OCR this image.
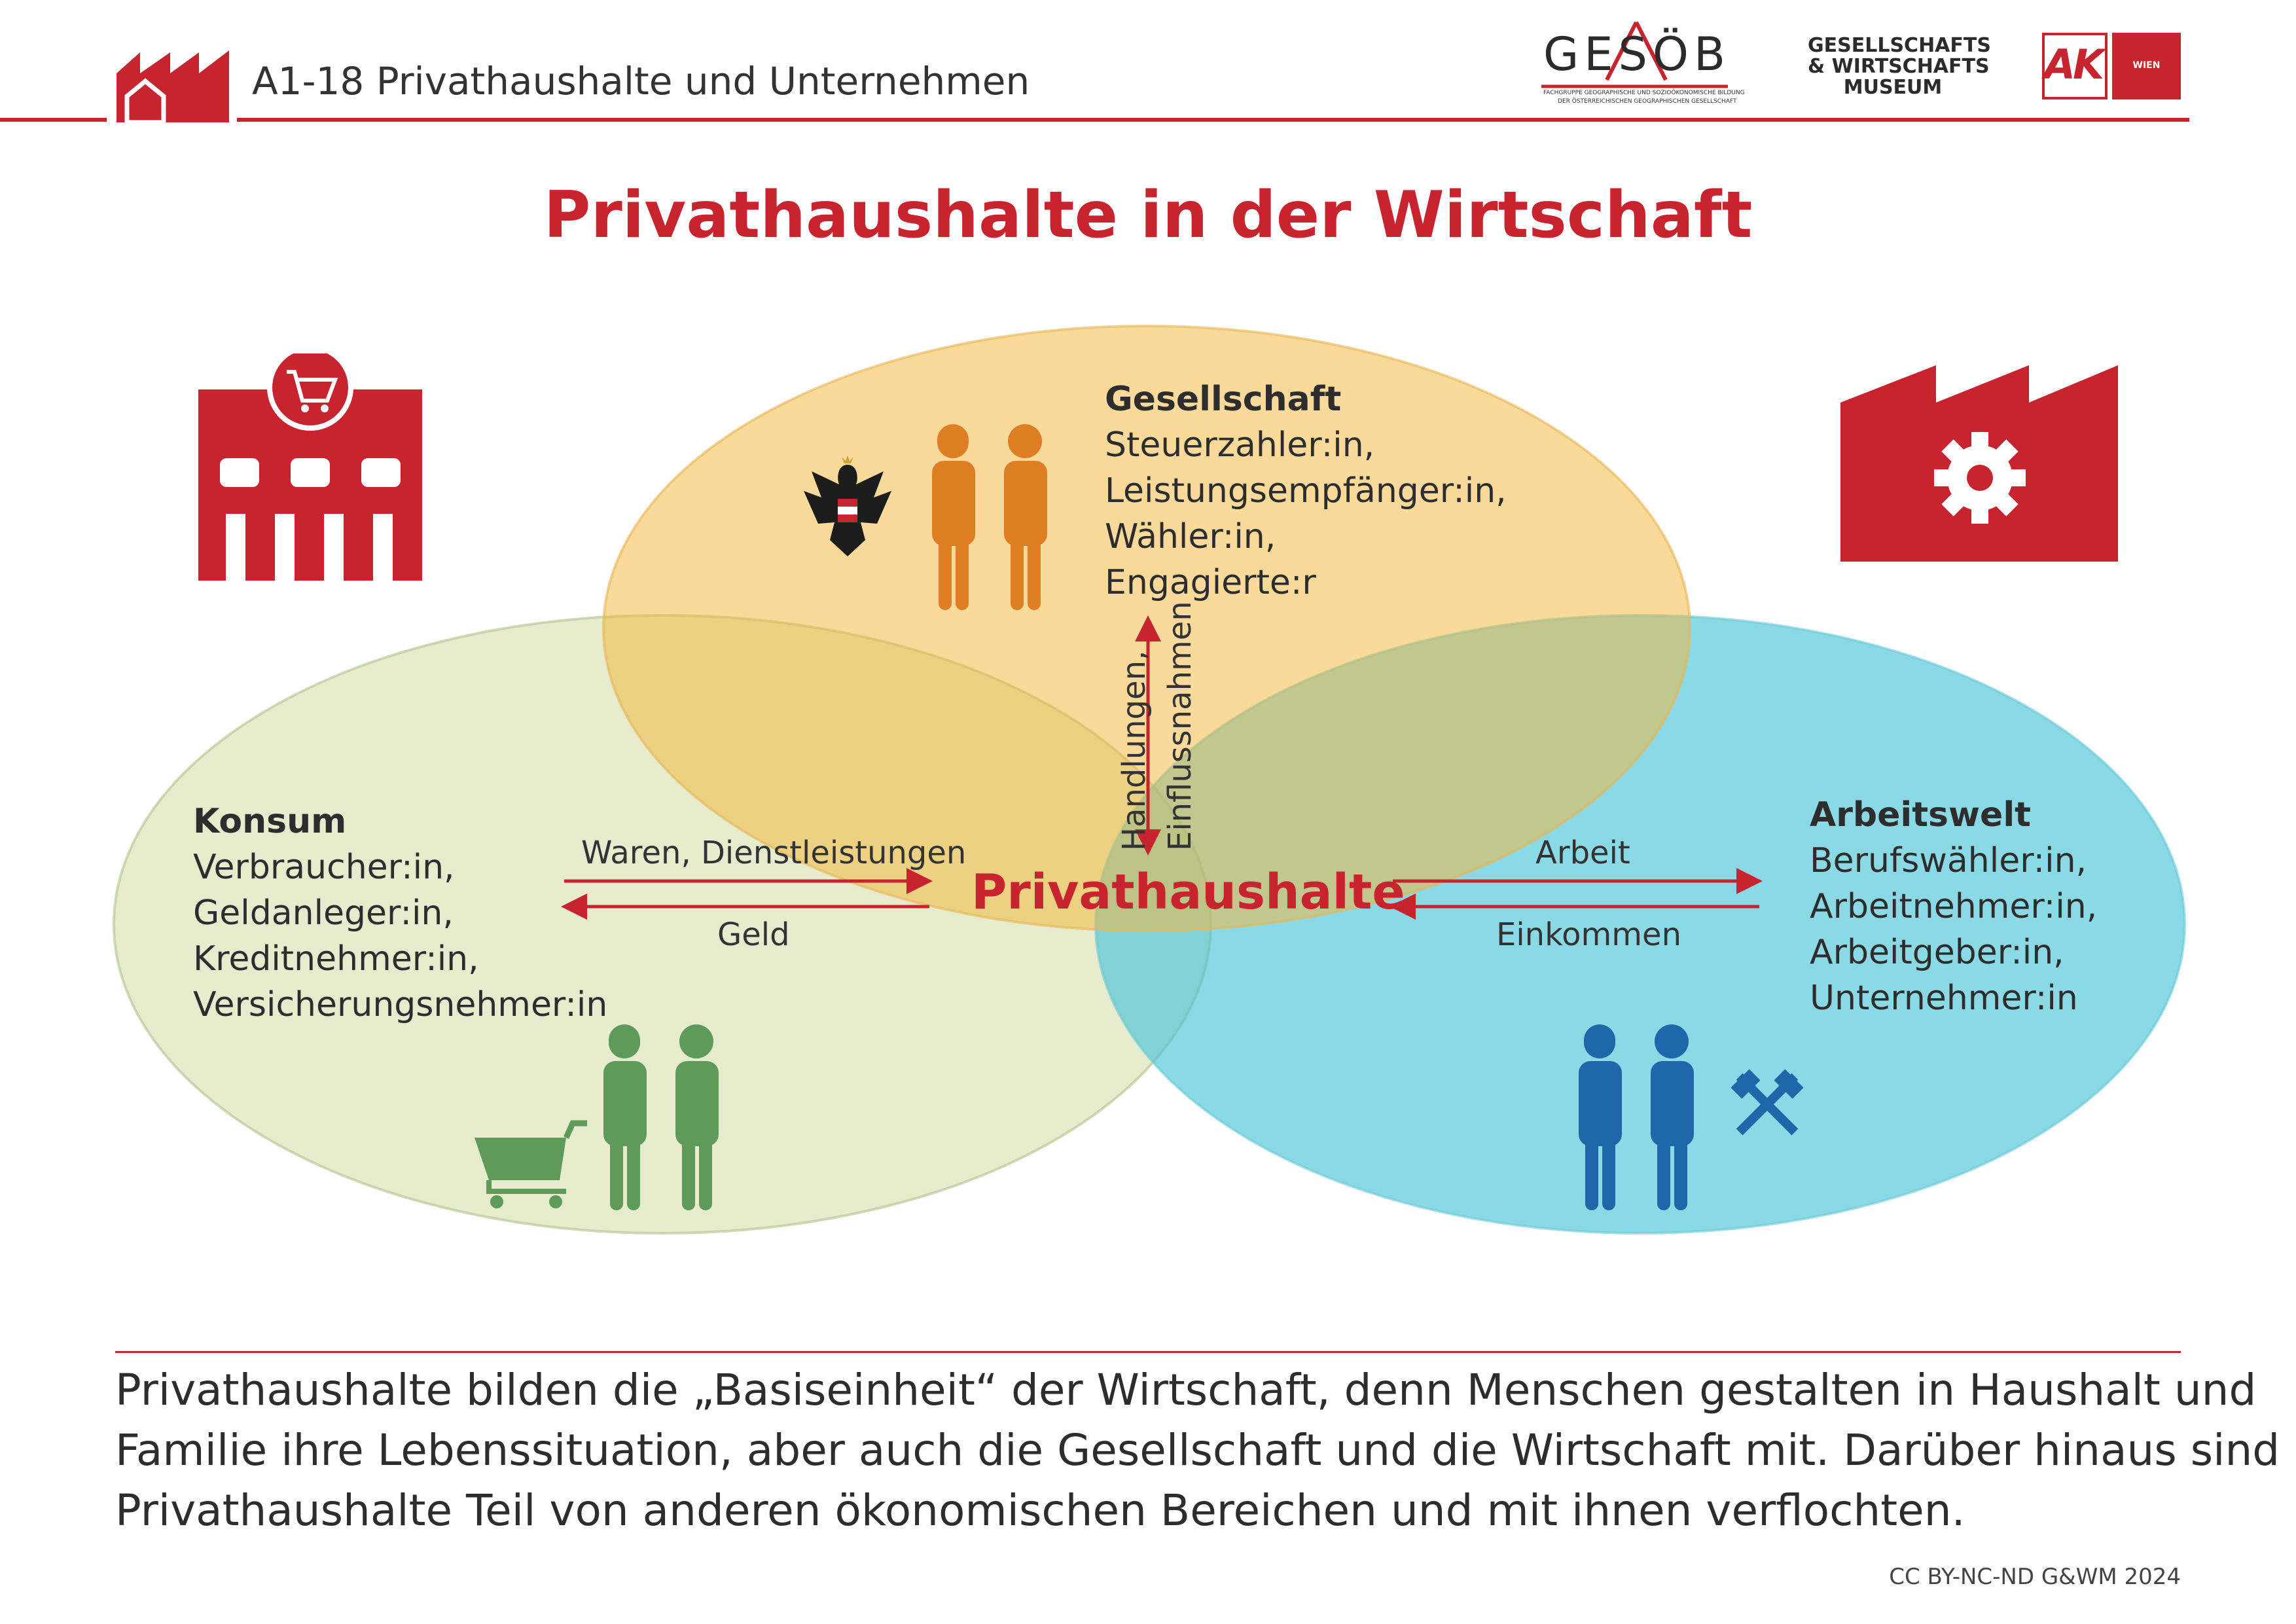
A1-18 Privathaushalte und Unternehmen	GESÖB
FACHGRUPPE GEOGRAPHISCHE UND SOZIOÖKONOMISCHE BILDUNG
DER ÖSTERREICHISCHEN GEOGRAPHISCHEN GESELLSCHAFT
GESELLSCHAFTS
& WIRTSCHAFTS
MUSEUM	AK	WIEN
Privathaushalte in der Wirtschaft
Gesellschaft
Steuerzahler:in,
Leistungsempfänger:in,
Wähler:in,
Engagierte:r
Konsum
Verbraucher:in,
Geldanleger:in,
Kreditnehmer:in,
Versicherungsnehmer:in
Arbeitswelt
Berufswähler:in,
Arbeitnehmer:in,
Arbeitgeber:in,
Unternehmer:in
Waren, Dienstleistungen
Geld
Arbeit
Einkommen
Handlungen, Einflussnahmen
Privathaushalte
Privathaushalte bilden die „Basiseinheit“ der Wirtschaft, denn Menschen gestalten in Haushalt und
Familie ihre Lebenssituation, aber auch die Gesellschaft und die Wirtschaft mit. Darüber hinaus sind
Privathaushalte Teil von anderen ökonomischen Bereichen und mit ihnen verflochten.
CC BY-NC-ND G&WM 2024
